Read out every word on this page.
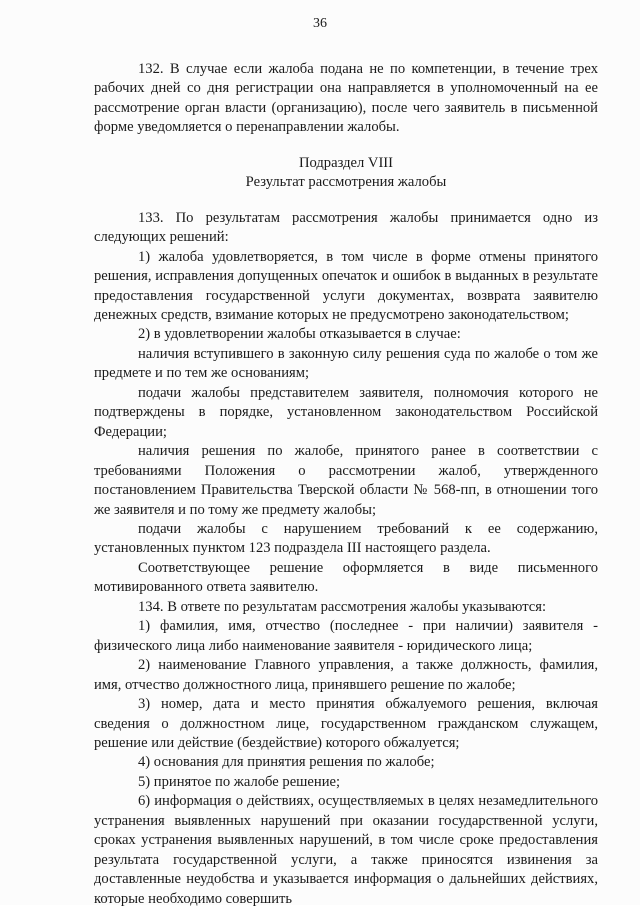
36

132. В случае если жалоба подана не по компетенции, в течение трех рабочих дней со дня регистрации она направляется в уполномоченный на ее рассмотрение орган власти (организацию), после чего заявитель в письменной форме уведомляется о перенаправлении жалобы.

Подраздел VIII

Результат рассмотрения жалобы

133. По результатам рассмотрения жалобы принимается одно из следующих решений:

1) жалоба удовлетворяется, в том числе в форме отмены принятого решения, исправления допущенных опечаток и ошибок в выданных в результате предоставления государственной услуги документах, возврата заявителю денежных средств, взимание которых не предусмотрено законодательством;

2) в удовлетворении жалобы отказывается в случае:

наличия вступившего в законную силу решения суда по жалобе о том же предмете и по тем же основаниям;

подачи жалобы представителем заявителя, полномочия которого не подтверждены в порядке, установленном законодательством Российской Федерации;

наличия решения по жалобе, принятого ранее в соответствии с требованиями Положения о рассмотрении жалоб, утвержденного постановлением Правительства Тверской области № 568-пп, в отношении того же заявителя и по тому же предмету жалобы;

подачи жалобы с нарушением требований к ее содержанию, установленных пунктом 123 подраздела III настоящего раздела.

Соответствующее решение оформляется в виде письменного мотивированного ответа заявителю.

134. В ответе по результатам рассмотрения жалобы указываются:

1) фамилия, имя, отчество (последнее - при наличии) заявителя - физического лица либо наименование заявителя - юридического лица;

2) наименование Главного управления, а также должность, фамилия, имя, отчество должностного лица, принявшего решение по жалобе;

3) номер, дата и место принятия обжалуемого решения, включая сведения о должностном лице, государственном гражданском служащем, решение или действие (бездействие) которого обжалуется;

4) основания для принятия решения по жалобе;

5) принятое по жалобе решение;

6) информация о действиях, осуществляемых в целях незамедлительного устранения выявленных нарушений при оказании государственной услуги, сроках устранения выявленных нарушений, в том числе сроке предоставления результата государственной услуги, а также приносятся извинения за доставленные неудобства и указывается информация о дальнейших действиях, которые необходимо совершить
